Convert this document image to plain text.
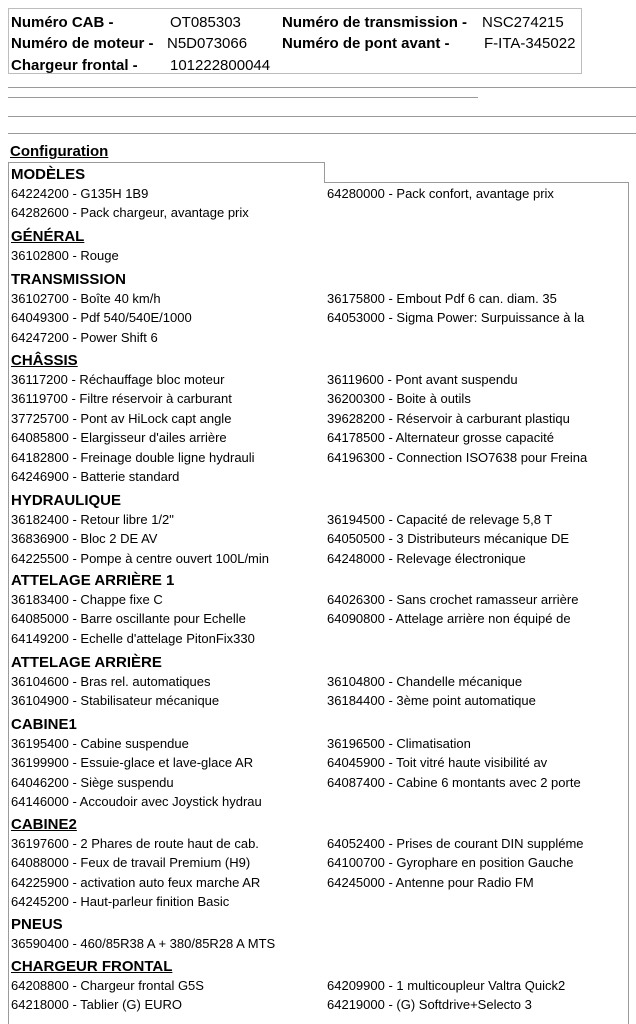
Numéro CAB -	OT085303	Numéro de transmission - NSC274215
Numéro de moteur - N5D073066 Numéro de pont avant - F-ITA-345022
Chargeur frontal - 101222800044
Configuration
MODÈLES
64224200 - G135H 1B9	64280000 - Pack confort, avantage prix
64282600 - Pack chargeur, avantage prix
GÉNÉRAL
36102800 - Rouge
TRANSMISSION
36102700 - Boîte 40 km/h	36175800 - Embout Pdf 6 can. diam. 35
64049300 - Pdf 540/540E/1000	64053000 - Sigma Power: Surpuissance à la
64247200 - Power Shift 6
CHÂSSIS
36117200 - Réchauffage bloc moteur	36119600 - Pont avant suspendu
36119700 - Filtre réservoir à carburant	36200300 - Boite à outils
37725700 - Pont av HiLock capt angle	39628200 - Réservoir à carburant plastiqu
64085800 - Elargisseur d'ailes arrière	64178500 - Alternateur grosse capacité
64182800 - Freinage double ligne hydrauli	64196300 - Connection ISO7638 pour Freina
64246900 - Batterie standard
HYDRAULIQUE
36182400 - Retour libre 1/2"	36194500 - Capacité de relevage 5,8 T
36836900 - Bloc 2 DE AV	64050500 - 3 Distributeurs mécanique DE
64225500 - Pompe à centre ouvert 100L/min	64248000 - Relevage électronique
ATTELAGE ARRIÈRE 1
36183400 - Chappe fixe C	64026300 - Sans crochet ramasseur arrière
64085000 - Barre oscillante pour Echelle	64090800 - Attelage arrière non équipé de
64149200 - Echelle d'attelage PitonFix330
ATTELAGE ARRIÈRE
36104600 - Bras rel. automatiques	36104800 - Chandelle mécanique
36104900 - Stabilisateur mécanique	36184400 - 3ème point automatique
CABINE1
36195400 - Cabine suspendue	36196500 - Climatisation
36199900 - Essuie-glace et lave-glace AR	64045900 - Toit vitré haute visibilité av
64046200 - Siège suspendu	64087400 - Cabine 6 montants avec 2 porte
64146000 - Accoudoir avec Joystick hydrau
CABINE2
36197600 - 2 Phares de route haut de cab.	64052400 - Prises de courant DIN supplémе
64088000 - Feux de travail Premium (H9)	64100700 - Gyrophare en position Gauche
64225900 - activation auto feux marche AR	64245000 - Antenne pour Radio FM
64245200 - Haut-parleur finition Basic
PNEUS
36590400 - 460/85R38 A + 380/85R28 A MTS
CHARGEUR FRONTAL
64208800 - Chargeur frontal G5S	64209900 - 1 multicoupleur Valtra Quick2
64218000 - Tablier (G) EURO	64219000 - (G) Softdrive+Selecto 3
